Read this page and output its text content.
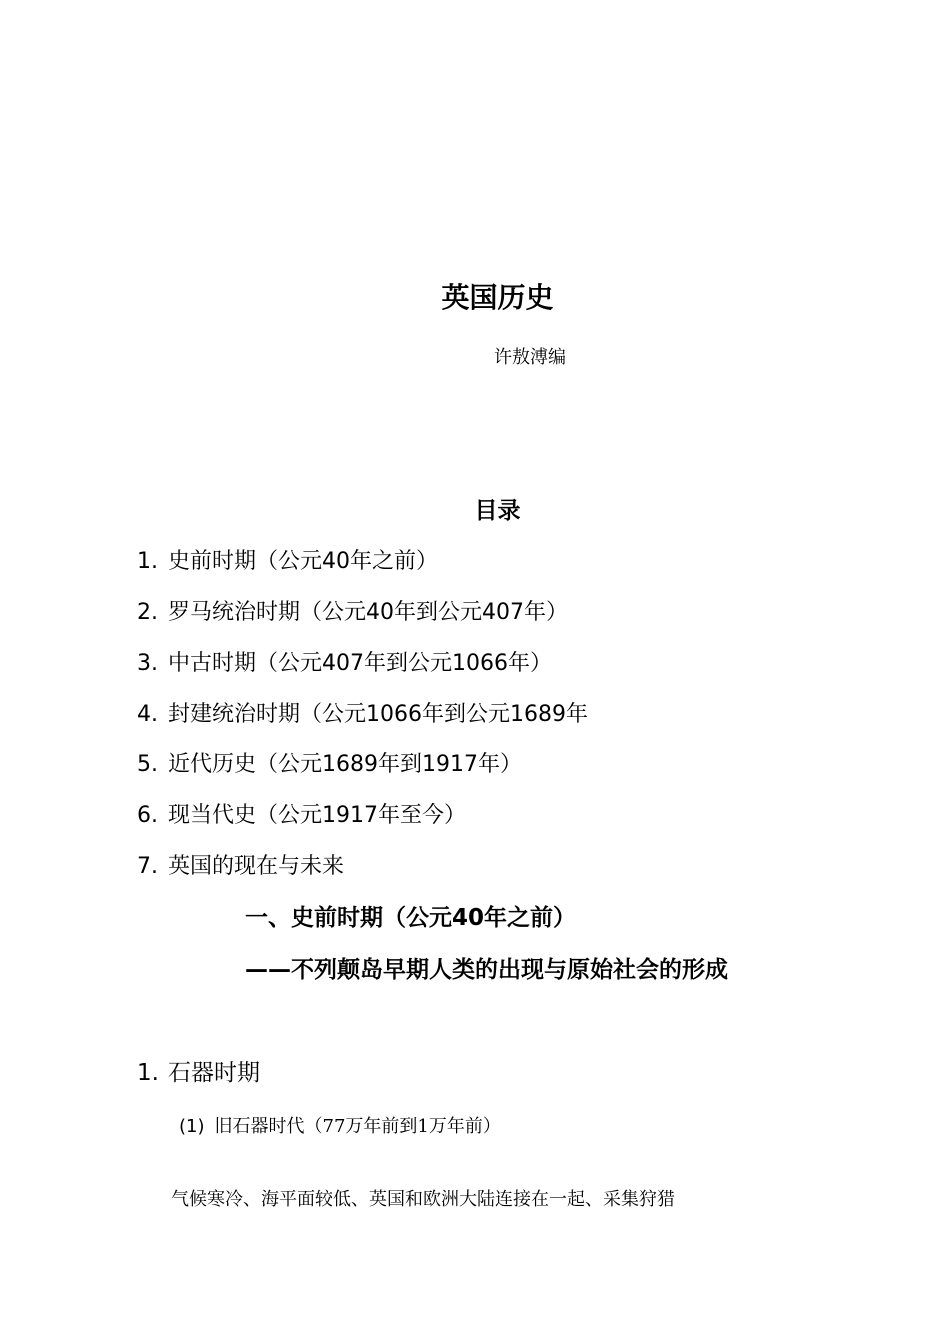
英国历史
许敖溥编
目录
1. 史前时期（公元40年之前）
2. 罗马统治时期（公元40年到公元407年）
3. 中古时期（公元407年到公元1066年）
4. 封建统治时期（公元1066年到公元1689年
5. 近代历史（公元1689年到1917年）
6. 现当代史（公元1917年至今）
7. 英国的现在与未来
一、史前时期（公元40年之前）
——不列颠岛早期人类的出现与原始社会的形成
1. 石器时期
(1) 旧石器时代（77万年前到1万年前）
气候寒冷、海平面较低、英国和欧洲大陆连接在一起、采集狩猎
